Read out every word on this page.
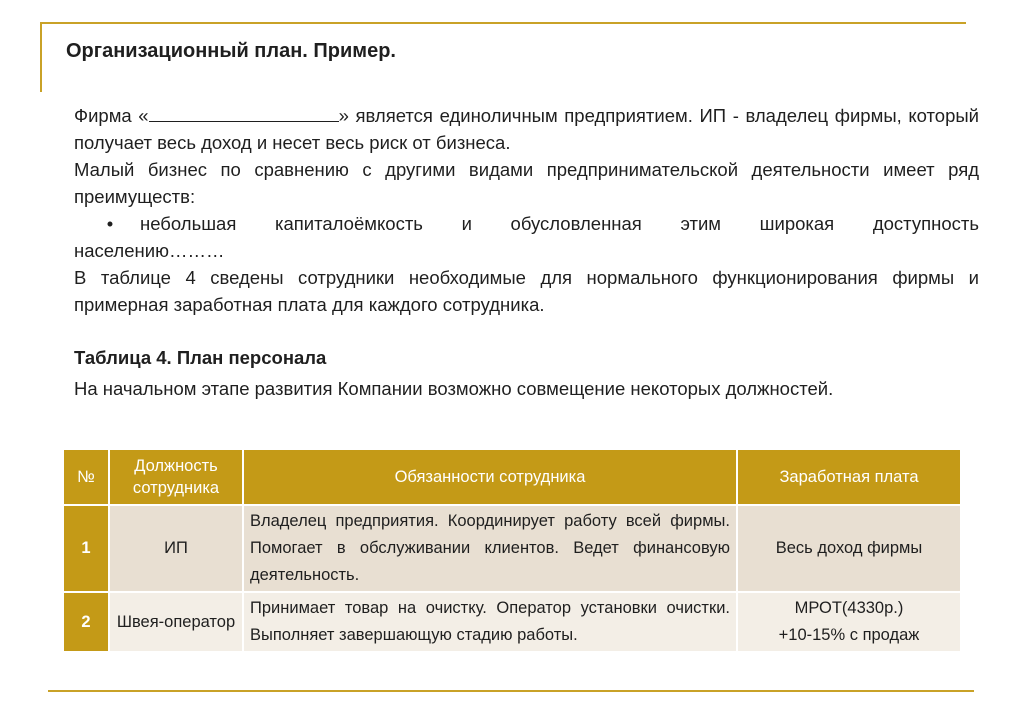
Организационный план. Пример.

Фирма «	» является единоличным предприятием. ИП - владелец фирмы, который получает весь доход и несет весь риск от бизнеса.

Малый бизнес по сравнению с другими видами предпринимательской деятельности имеет ряд преимуществ:

•	небольшая капиталоёмкость и обусловленная этим широкая доступность

населению………

В таблице 4 сведены сотрудники необходимые для нормального функционирования фирмы и примерная заработная плата для каждого сотрудника.

Таблица 4. План персонала

На начальном этапе развития Компании возможно совмещение некоторых должностей.

№	Должность сотрудника	Обязанности сотрудника	Заработная плата
1	ИП	Владелец предприятия. Координирует работу всей фирмы. Помогает в обслуживании клиентов. Ведет финансовую деятельность.	Весь доход фирмы
2	Швея-оператор	Принимает товар на очистку. Оператор установки очистки. Выполняет завершающую стадию работы.	МРОТ(4330р.)
+10-15% с продаж
